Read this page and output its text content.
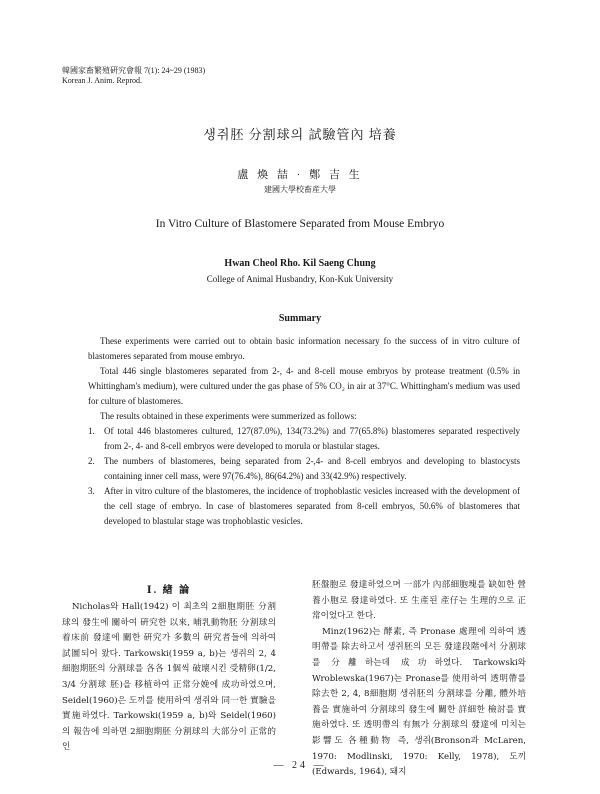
韓國家畜繁殖硏究會報 7(1): 24~29 (1983)
Korean J. Anim. Reprod.
생쥐胚 分割球의 試驗管內 培養
盧 煥 喆 · 鄭 吉 生
建國大學校畜産大學
In Vitro Culture of Blastomere Separated from Mouse Embryo
Hwan Cheol Rho. Kil Saeng Chung
College of Animal Husbandry, Kon-Kuk University
Summary

These experiments were carried out to obtain basic information necessary fo the success of in vitro culture of blastomeres separated from mouse embryo.

Total 446 single blastomeres separated from 2-, 4- and 8-cell mouse embryos by protease treatment (0.5% in Whittingham's medium), were cultured under the gas phase of 5% CO₂ in air at 37°C. Whittingham's medium was used for culture of blastomeres.

The results obtained in these experiments were summerized as follows:

1. Of total 446 blastomeres cultured, 127(87.0%), 134(73.2%) and 77(65.8%) blastomeres separated respectively from 2-, 4- and 8-cell embryos were developed to morula or blastular stages.
2. The numbers of blastomeres, being separated from 2-,4- and 8-cell embryos and developing to blastocysts containing inner cell mass, were 97(76.4%), 86(64.2%) and 33(42.9%) respectively.
3. After in vitro culture of the blastomeres, the incidence of trophoblastic vesicles increased with the development of the cell stage of embryo. In case of blastomeres separated from 8-cell embryos, 50.6% of blastomeres that developed to blastular stage was trophoblastic vesicles.
Ⅰ. 緖 論

Nicholas와 Hall(1942) 이 최초의 2細胞期胚 分割球의 發生에 關하여 硏究한 以來, 哺乳動物胚 分割球의 着床前 發達에 關한 硏究가 多數의 硏究者들에 의하여 試圖되어 왔다. Tarkowski(1959 a, b)는 생쥐의 2, 4細胞期胚의 分割球를 各各 1個씩 破壞시킨 受精卵(1/2, 3/4 分割球 胚)을 移植하여 正常分娩에 成功하였으며, Seidel(1960)은 도끼를 使用하여 생쥐와 同一한 實驗을 實施하였다. Tarkowski(1959 a, b)와 Seidel(1960)의 報告에 의하면 2細胞期胚 分割球의 大部分이 正常的인

胚盤胞로 發達하였으며 一部가 內部細胞塊를 缺如한 營養小胞로 發達하였다. 또 生產된 產仔는 生理的으로 正常이었다고 한다.

Minz(1962)는 酵素, 즉 Pronase 處理에 의하여 透明帶를 除去하고서 생쥐胚의 모든 發達段階에서 分割球를 分離하는데 成功하였다. Tarkowski와 Wroblewska(1967)는 Pronase를 使用하여 透明帶를 除去한 2, 4, 8細胞期 생쥐胚의 分割球를 分離, 體外培養을 實施하여 分割球의 發生에 關한 詳細한 檢討를 實施하였다. 또 透明帶의 有無가 分割球의 發達에 미치는 影響도 各種動物 즉, 생쥐(Bronson과 McLaren, 1970: Modlinski, 1970: Kelly, 1978), 도끼(Edwards, 1964), 돼지

— 24 —
